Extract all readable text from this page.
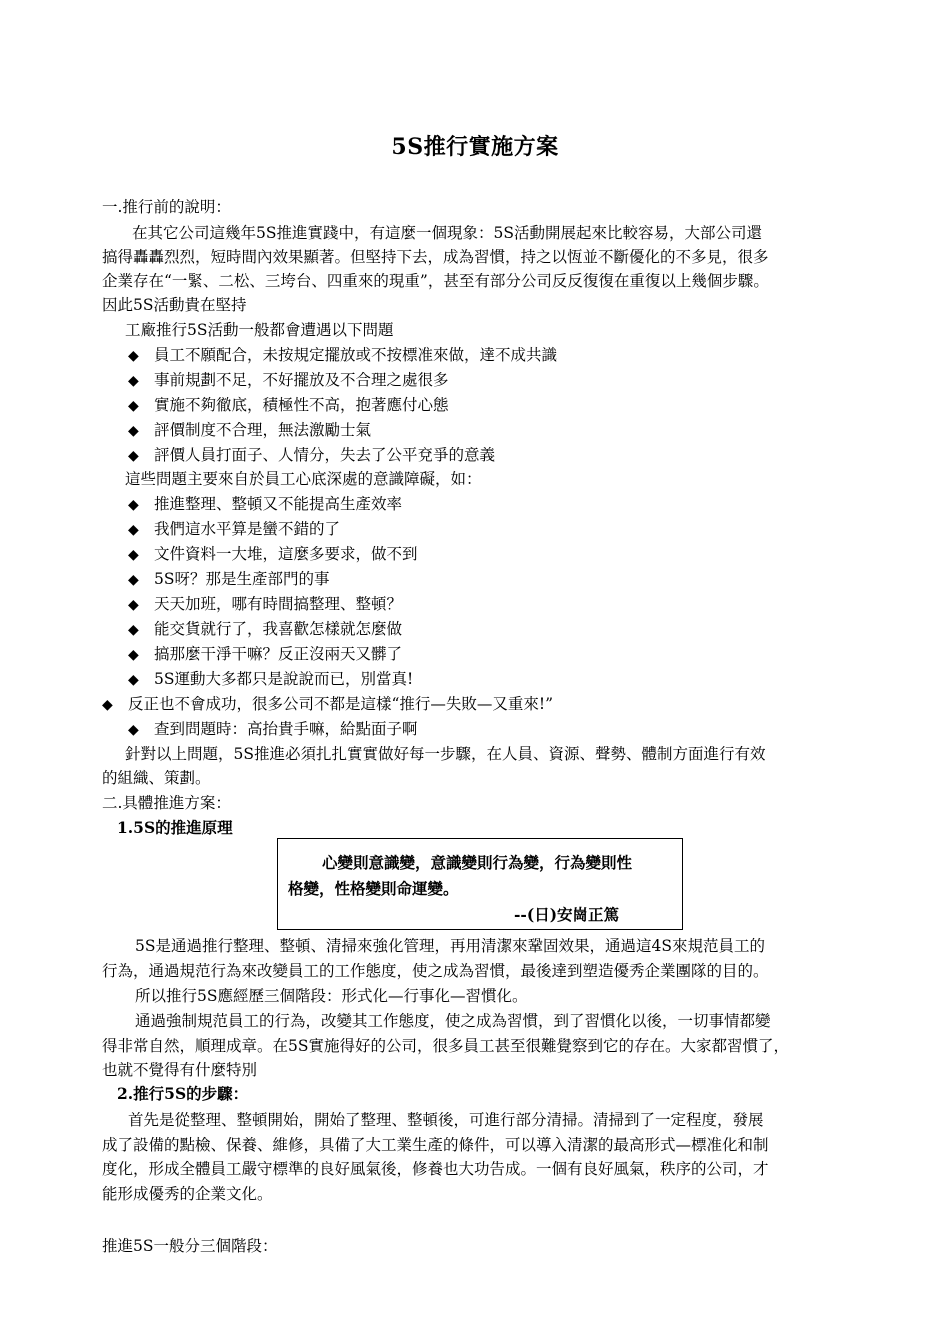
5S推行實施方案
一.推行前的說明：
在其它公司這幾年5S推進實踐中，有這麼一個現象：5S活動開展起來比較容易，大部公司還
搞得轟轟烈烈，短時間內效果顯著。但堅持下去，成為習慣，持之以恆並不斷優化的不多見，很多
企業存在“一緊、二松、三垮台、四重來的現重”，甚至有部分公司反反復復在重復以上幾個步驟。
因此5S活動貴在堅持
工廠推行5S活動一般都會遭遇以下問題
◆ 員工不願配合，未按規定擺放或不按標准來做，達不成共識
◆ 事前規劃不足，不好擺放及不合理之處很多
◆ 實施不夠徹底，積極性不高，抱著應付心態
◆ 評價制度不合理，無法激勵士氣
◆ 評價人員打面子、人情分，失去了公平兗爭的意義
這些問題主要來自於員工心底深處的意識障礙，如：
◆ 推進整理、整頓又不能提高生產效率
◆ 我們這水平算是蠻不錯的了
◆ 文件資料一大堆，這麼多要求，做不到
◆ 5S呀？那是生產部門的事
◆ 天天加班，哪有時間搞整理、整頓？
◆ 能交貨就行了，我喜歡怎樣就怎麼做
◆ 搞那麼干淨干嘛？反正沒兩天又髒了
◆ 5S運動大多都只是說說而已，別當真!
◆ 反正也不會成功，很多公司不都是這樣“推行—失敗—又重來!”
◆ 查到問題時：高抬貴手嘛，給點面子啊
針對以上問題，5S推進必須扎扎實實做好每一步驟，在人員、資源、聲勢、體制方面進行有效
的組織、策劃。
二.具體推進方案：
1.5S的推進原理
心變則意識變，意識變則行為變，行為變則性
格變，性格變則命運變。
--(日)安崗正篤
5S是通過推行整理、整頓、清掃來強化管理，再用清潔來鞏固效果，通過這4S來規范員工的
行為，通過規范行為來改變員工的工作態度，使之成為習慣，最後達到塑造優秀企業團隊的目的。
所以推行5S應經歷三個階段：形式化—行事化—習慣化。
通過強制規范員工的行為，改變其工作態度，使之成為習慣，到了習慣化以後，一切事情都變
得非常自然，順理成章。在5S實施得好的公司，很多員工甚至很難覺察到它的存在。大家都習慣了，
也就不覺得有什麼特別
2.推行5S的步驟：
首先是從整理、整頓開始，開始了整理、整頓後，可進行部分清掃。清掃到了一定程度，發展
成了設備的點檢、保養、維修，具備了大工業生產的條件，可以導入清潔的最高形式—標准化和制
度化，形成全體員工嚴守標準的良好風氣後，修養也大功告成。一個有良好風氣，秩序的公司，才
能形成優秀的企業文化。
推進5S一般分三個階段：
